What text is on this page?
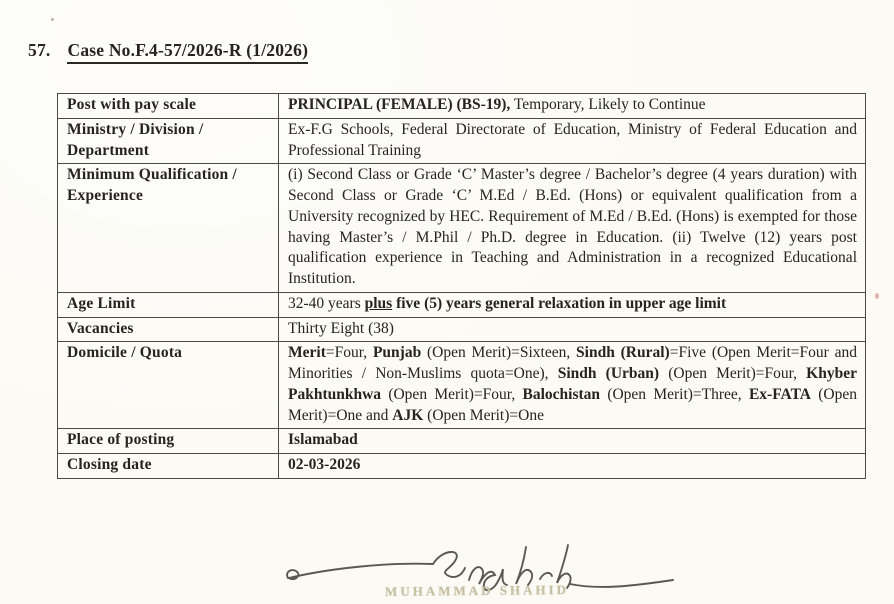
57. Case No.F.4-57/2026-R (1/2026)
Post with pay scale	PRINCIPAL (FEMALE) (BS-19), Temporary, Likely to Continue
Ministry / Division / Department	Ex-F.G Schools, Federal Directorate of Education, Ministry of Federal Education and Professional Training
Minimum Qualification / Experience	(i) Second Class or Grade ‘C’ Master’s degree / Bachelor’s degree (4 years duration) with Second Class or Grade ‘C’ M.Ed / B.Ed. (Hons) or equivalent qualification from a University recognized by HEC. Requirement of M.Ed / B.Ed. (Hons) is exempted for those having Master’s / M.Phil / Ph.D. degree in Education. (ii) Twelve (12) years post qualification experience in Teaching and Administration in a recognized Educational Institution.
Age Limit	32-40 years plus five (5) years general relaxation in upper age limit
Vacancies	Thirty Eight (38)
Domicile / Quota	Merit=Four, Punjab (Open Merit)=Sixteen, Sindh (Rural)=Five (Open Merit=Four and Minorities / Non-Muslims quota=One), Sindh (Urban) (Open Merit)=Four, Khyber Pakhtunkhwa (Open Merit)=Four, Balochistan (Open Merit)=Three, Ex-FATA (Open Merit)=One and AJK (Open Merit)=One
Place of posting	Islamabad
Closing date	02-03-2026
MUHAMMAD SHAHID
